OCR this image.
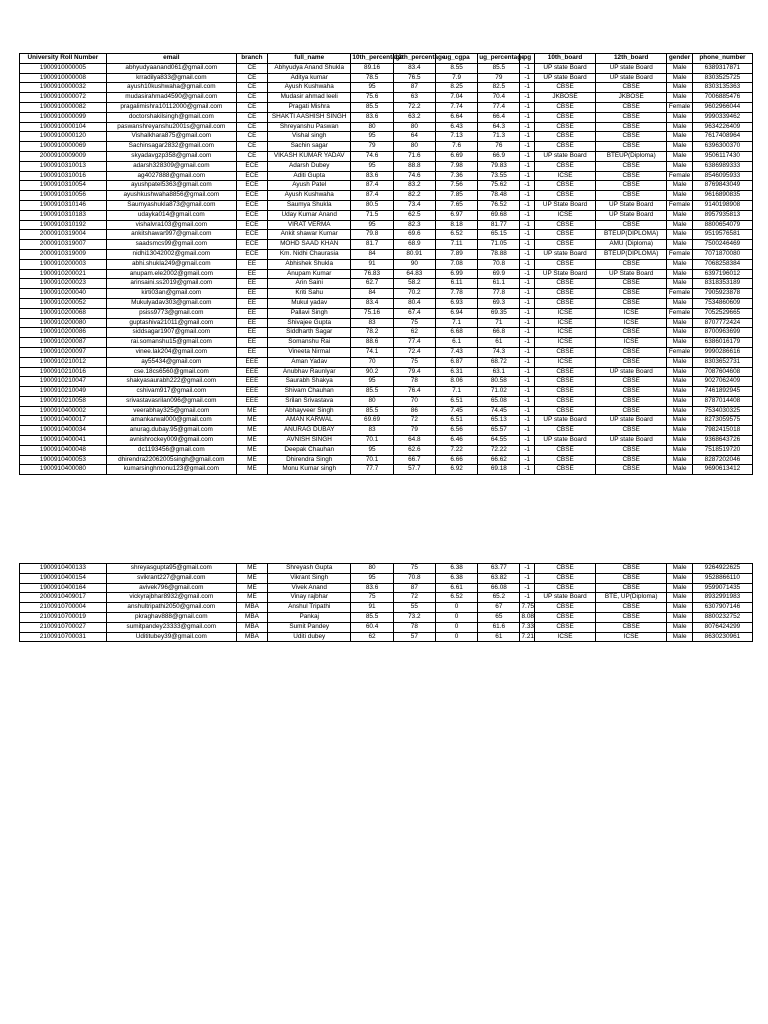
University Roll Number	email	branch	full_name	10th_percentage	12th_percentage	ug_cgpa	ug_percentage	pg	10th_board	12th_board	gender	phone_number
1900910000005	abhyudyaanand061@gmail.com	CE	Abhyudya Anand Shukla	89.16	83.4	8.55	85.5	-1	UP state Board	UP state Board	Male	6389317871
1900910000008	krradilya833@gmail.com	CE	Aditya kumar	78.5	76.5	7.9	79	-1	UP state Board	UP state Board	Male	8303525725
1900910000032	ayush10kushwaha@gmail.com	CE	Ayush Kushwaha	95	87	8.25	82.5	-1	CBSE	CBSE	Male	8303135363
1900910000072	mudasirahmad4590@gmail.com	CE	Mudasir ahmad leeli	75.6	63	7.04	70.4	-1	JKBOSE	JKBOSE	Male	7006885476
1900910000082	pragalimishra10112000@gmail.com	CE	Pragati Mishra	85.5	72.2	7.74	77.4	-1	CBSE	CBSE	Female	9602966044
1900910000099	doctorshakilsingh@gmail.com	CE	SHAKTI AASHISH SINGH	83.6	63.2	6.64	66.4	-1	CBSE	CBSE	Male	9990339462
1900910000104	paswanshreyanshu2001s@gmail.com	CE	Shreyanshu Paswan	80	80	6.43	64.3	-1	CBSE	CBSE	Male	9634226409
1900910000120	Vishalkhara875@gmail.com	CE	Vishal singh	95	64	7.13	71.3	-1	CBSE	CBSE	Male	7617408964
1900910000069	Sachinsagar2832@gmail.com	CE	Sachin sagar	79	80	7.6	76	-1	CBSE	CBSE	Male	6396300370
2000910009009	skyadavgzp358@gmail.com	CE	VIKASH KUMAR YADAV	74.6	71.6	6.69	66.9	-1	UP state Board	BTEUP(Diploma)	Male	9506117430
1900910310013	adarsh328309@gmail.com	ECE	Adarsh Dubey	95	88.8	7.98	79.83	-1	CBSE	CBSE	Male	6386989333
1900910310016	ag4027888@gmail.com	ECE	Aditi Gupta	83.6	74.6	7.36	73.55	-1	ICSE	CBSE	Female	8546095933
1900910310054	ayushpatel5363@gmail.com	ECE	Ayush Patel	87.4	83.2	7.56	75.62	-1	CBSE	CBSE	Male	8769843049
1900910310056	ayushkushwaha8856@gmail.com	ECE	Ayush Kushwaha	87.4	82.2	7.85	78.48	-1	CBSE	CBSE	Male	9616890835
1900910310146	Saumyashukla873@gmail.com	ECE	Saumya Shukla	80.5	73.4	7.65	76.52	-1	UP State Board	UP State Board	Female	9140198908
1900910310183	udayka014@gmail.com	ECE	Uday Kumar Anand	71.5	62.5	6.97	69.68	-1	ICSE	UP State Board	Male	8957935813
1900910310192	vishalvra103@gmail.com	ECE	VIRAT VERMA	95	82.3	8.18	81.77	-1	CBSE	CBSE	Male	8800654079
2000910319004	ankitshawar997@gmail.com	ECE	Ankit shawar Kumar	79.8	69.6	6.52	65.15	-1	CBSE	BTEUP(DIPLOMA)	Male	9519576581
2000910319007	saadsmcs99@gmail.com	ECE	MOHD SAAD KHAN	81.7	68.9	7.11	71.05	-1	CBSE	AMU (Diploma)	Male	7500246469
2000910319009	nidhi13042002@gmail.com	ECE	Km. Nidhi Chaurasia	84	80.91	7.89	78.88	-1	UP state Board	BTEUP(DIPLOMA)	Female	7071870080
1900910200003	abhi.shukla249@gmail.com	EE	Abhishek Shukla	91	90	7.08	70.8	-1	CBSE	CBSE	Male	7068258384
1900910200021	anupam.ele2002@gmail.com	EE	Anupam Kumar	76.83	64.83	6.99	69.9	-1	UP State Board	UP State Board	Male	6397196012
1900910200023	arinsaini.ss2019@gmail.com	EE	Arin Saini	62.7	58.2	6.11	61.1	-1	CBSE	CBSE	Male	8318353189
1900910200040	kirti03an@gmail.com	EE	Kriti Sahu	84	70.2	7.78	77.8	-1	CBSE	CBSE	Female	7905923878
1900910200052	Mukulyadav303@gmail.com	EE	Mukul yadav	83.4	80.4	6.93	69.3	-1	CBSE	CBSE	Male	7534860609
1900910200068	psiss9773@gmail.com	EE	Pallavi Singh	75.16	67.4	6.94	69.35	-1	ICSE	ICSE	Female	7052529665
1900910200080	guptashiva21011@gmail.com	EE	Shivajee Gupta	83	75	7.1	71	-1	ICSE	ICSE	Male	8707772424
1900910200086	siddsagar1907@gmail.com	EE	Siddharth Sagar	78.2	62	6.68	66.8	-1	ICSE	CBSE	Male	8700963699
1900910200087	rai.somanshu15@gmail.com	EE	Somanshu Rai	88.6	77.4	6.1	61	-1	ICSE	ICSE	Male	6386016179
1900910200097	vinee.lak204@gmail.com	EE	Vineeta Nirmal	74.1	72.4	7.43	74.3	-1	CBSE	CBSE	Female	9990286616
1900910210012	ay55434@gmail.com	EEE	Aman Yadav	70	75	6.87	68.72	-1	ICSE	CBSE	Male	8303652731
1900910210016	cse.18cs6560@gmail.com	EEE	Anubhav Raunlyar	90.2	79.4	6.31	63.1	-1	CBSE	UP state Board	Male	7087604608
1900910210047	shakyasaurabh222@gmail.com	EEE	Saurabh Shakya	95	78	8.06	80.58	-1	CBSE	CBSE	Male	9027062409
1900910210049	cshivam917@gmail.com	EEE	Shivam Chauhan	85.5	76.4	7.1	71.02	-1	CBSE	CBSE	Male	7461892945
1900910210058	srivastavasrilan096@gmail.com	EEE	Srilan Srivastava	80	70	6.51	65.08	-1	CBSE	CBSE	Male	8787014408
1900910400002	veerabhay325@gmail.com	ME	Abhayveer Singh	85.5	86	7.45	74.45	-1	CBSE	CBSE	Male	7534030325
1900910400017	amankarwal000@gmail.com	ME	AMAN KARWAL	69.69	72	6.51	65.13	-1	UP state Board	UP state Board	Male	8273059575
1900910400034	anurag.dubay.95@gmail.com	ME	ANURAG DUBAY	83	79	6.56	65.57	-1	CBSE	CBSE	Male	7982415018
1900910400041	avnishrockey009@gmail.com	ME	AVNISH SINGH	70.1	64.8	6.46	64.55	-1	UP state Board	UP state Board	Male	9368643726
1900910400048	dc1193456@gmail.com	ME	Deepak Chauhan	95	62.6	7.22	72.22	-1	CBSE	CBSE	Male	7518519720
1900910400053	dhirendra22062005singh@gmail.com	ME	Dhirendra Singh	70.1	66.7	6.66	66.62	-1	CBSE	CBSE	Male	8287202046
1900910400080	kumarsinghmonu123@gmail.com	ME	Monu Kumar singh	77.7	57.7	6.92	69.18	-1	CBSE	CBSE	Male	9690613412
1900910400133	shreyasgupta95@gmail.com	ME	Shreyash Gupta	80	75	6.38	63.77	-1	CBSE	CBSE	Male	9264922625
1900910400154	svikrant227@gmail.com	ME	Vikrant Singh	95	70.8	6.38	63.82	-1	CBSE	CBSE	Male	9528866110
1900910400164	avivek796@gmail.com	ME	Vivek Anand	83.6	87	6.61	66.08	-1	CBSE	CBSE	Male	9599071435
2000910409017	vickyrajbhar8932@gmail.com	ME	Vinay rajbhar	75	72	6.52	65.2	-1	UP state Board	BTE, UP(Diploma)	Male	8932991983
2100910700004	anshultripathi2050@gmail.com	MBA	Anshul Tripathi	91	55	0	67	7.75	CBSE	CBSE	Male	6307907146
2100910700019	pkraghav888@gmail.com	MBA	Pankaj	85.5	73.2	0	65	8.08	CBSE	CBSE	Male	8800232752
2100910700027	sumitpandey23333@gmail.com	MBA	Sumit Pandey	60.4	78	0	61.6	7.33	CBSE	CBSE	Male	8076424299
2100910700031	Udititubey39@gmail.com	MBA	Uditi dubey	62	57	0	61	7.21	ICSE	ICSE	Male	8630230961
